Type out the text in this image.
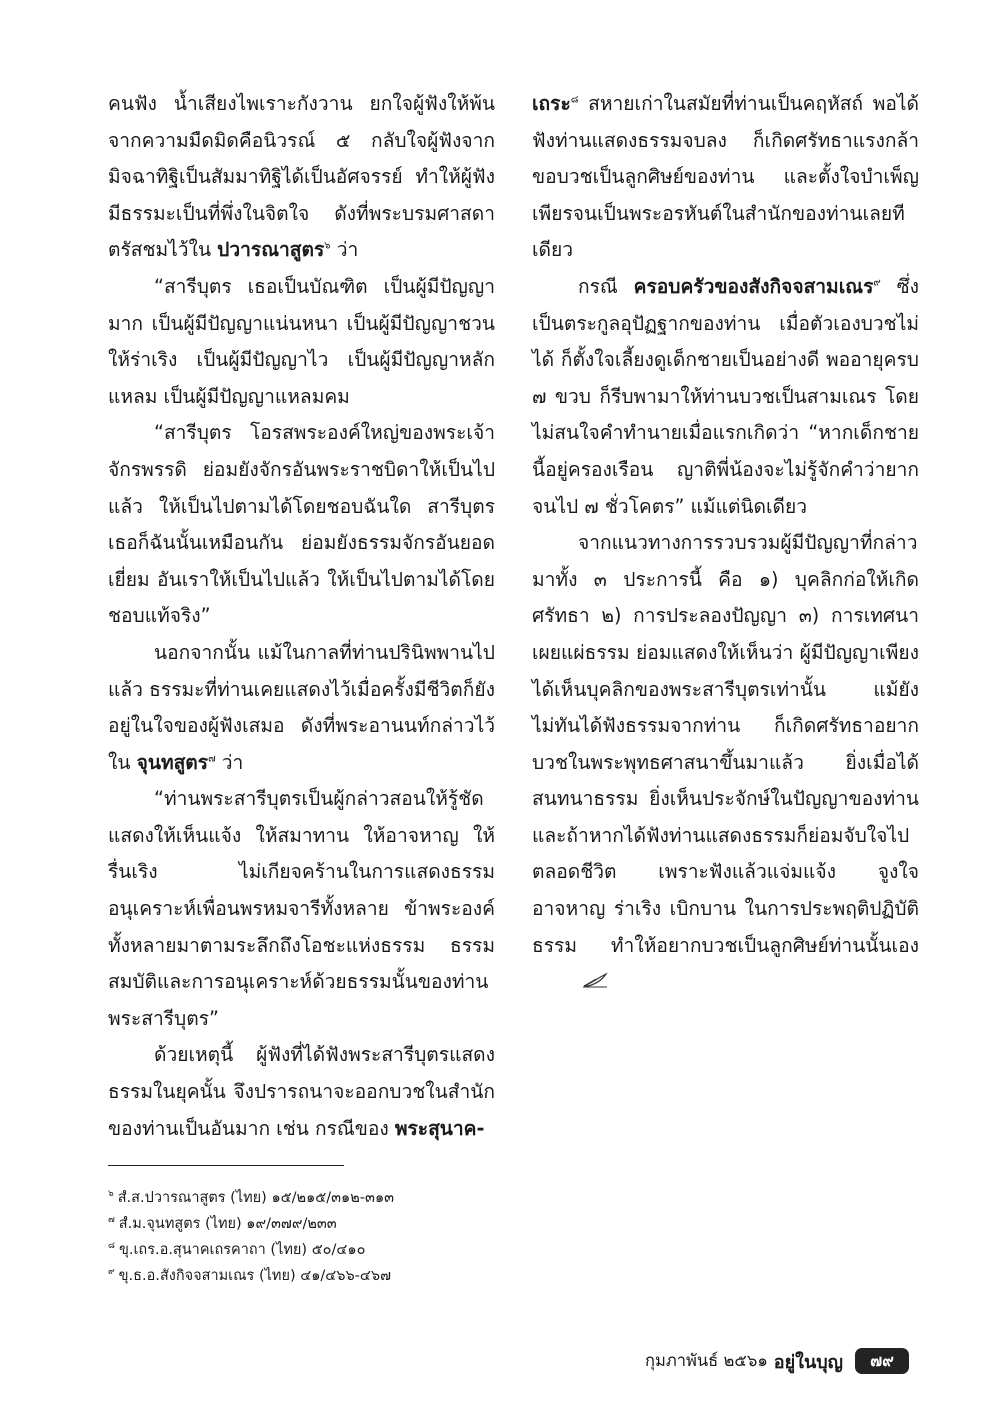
คนฟัง น้ำเสียงไพเราะกังวาน ยกใจผู้ฟังให้พ้นจากความมืดมิดคือนิวรณ์ ๕ กลับใจผู้ฟังจากมิจฉาทิฐิเป็นสัมมาทิฐิได้เป็นอัศจรรย์ ทำให้ผู้ฟังมีธรรมะเป็นที่พึ่งในจิตใจ ดังที่พระบรมศาสดาตรัสชมไว้ใน ปวารณาสูตร$^๖$ ว่า

“สารีบุตร เธอเป็นบัณฑิต เป็นผู้มีปัญญามาก เป็นผู้มีปัญญาแน่นหนา เป็นผู้มีปัญญาชวนให้ร่าเริง เป็นผู้มีปัญญาไว เป็นผู้มีปัญญาหลักแหลม เป็นผู้มีปัญญาแหลมคม

“สารีบุตร โอรสพระองค์ใหญ่ของพระเจ้าจักรพรรดิ ย่อมยังจักรอันพระราชบิดาให้เป็นไปแล้ว ให้เป็นไปตามได้โดยชอบฉันใด สารีบุตรเธอก็ฉันนั้นเหมือนกัน ย่อมยังธรรมจักรอันยอดเยี่ยม อันเราให้เป็นไปแล้ว ให้เป็นไปตามได้โดยชอบแท้จริง”

นอกจากนั้น แม้ในกาลที่ท่านปรินิพพานไปแล้ว ธรรมะที่ท่านเคยแสดงไว้เมื่อครั้งมีชีวิตก็ยังอยู่ในใจของผู้ฟังเสมอ ดังที่พระอานนท์กล่าวไว้ใน จุนทสูตร$^๗$ ว่า

“ท่านพระสารีบุตรเป็นผู้กล่าวสอนให้รู้ชัด แสดงให้เห็นแจ้ง ให้สมาทาน ให้อาจหาญ ให้รื่นเริง ไม่เกียจคร้านในการแสดงธรรม อนุเคราะห์เพื่อนพรหมจารีทั้งหลาย ข้าพระองค์ทั้งหลายมาตามระลึกถึงโอชะแห่งธรรม ธรรมสมบัติและการอนุเคราะห์ด้วยธรรมนั้นของท่านพระสารีบุตร”

ด้วยเหตุนี้ ผู้ฟังที่ได้ฟังพระสารีบุตรแสดงธรรมในยุคนั้น จึงปรารถนาจะออกบวชในสำนักของท่านเป็นอันมาก เช่น กรณีของ พระสุนาค-

เถระ$^๘$ สหายเก่าในสมัยที่ท่านเป็นคฤหัสถ์ พอได้ฟังท่านแสดงธรรมจบลง ก็เกิดศรัทธาแรงกล้า ขอบวชเป็นลูกศิษย์ของท่าน และตั้งใจบำเพ็ญเพียรจนเป็นพระอรหันต์ในสำนักของท่านเลยทีเดียว

กรณี ครอบครัวของสังกิจจสามเณร$^๙$ ซึ่งเป็นตระกูลอุปัฏฐากของท่าน เมื่อตัวเองบวชไม่ได้ ก็ตั้งใจเลี้ยงดูเด็กชายเป็นอย่างดี พออายุครบ ๗ ขวบ ก็รีบพามาให้ท่านบวชเป็นสามเณร โดยไม่สนใจคำทำนายเมื่อแรกเกิดว่า “หากเด็กชายนี้อยู่ครองเรือน ญาติพี่น้องจะไม่รู้จักคำว่ายากจนไป ๗ ชั่วโคตร” แม้แต่นิดเดียว

จากแนวทางการรวบรวมผู้มีปัญญาที่กล่าวมาทั้ง ๓ ประการนี้ คือ ๑) บุคลิกก่อให้เกิดศรัทธา ๒) การประลองปัญญา ๓) การเทศนาเผยแผ่ธรรม ย่อมแสดงให้เห็นว่า ผู้มีปัญญาเพียงได้เห็นบุคลิกของพระสารีบุตรเท่านั้น แม้ยังไม่ทันได้ฟังธรรมจากท่าน ก็เกิดศรัทธาอยากบวชในพระพุทธศาสนาขึ้นมาแล้ว ยิ่งเมื่อได้สนทนาธรรม ยิ่งเห็นประจักษ์ในปัญญาของท่าน และถ้าหากได้ฟังท่านแสดงธรรมก็ย่อมจับใจไปตลอดชีวิต เพราะฟังแล้วแจ่มแจ้ง จูงใจ อาจหาญ ร่าเริง เบิกบาน ในการประพฤติปฏิบัติธรรม ทำให้อยากบวชเป็นลูกศิษย์ท่านนั้นเอง

$^๖$ สํ.ส.ปวารณาสูตร (ไทย) ๑๕/๒๑๕/๓๑๒-๓๑๓
$^๗$ สํ.ม.จุนทสูตร (ไทย) ๑๙/๓๗๙/๒๓๓
$^๘$ ขุ.เถร.อ.สุนาคเถรคาถา (ไทย) ๕๐/๔๑๐
$^๙$ ขุ.ธ.อ.สังกิจจสามเณร (ไทย) ๔๑/๔๖๖-๔๖๗
กุมภาพันธ์ ๒๕๖๑ อยู่ในบุญ	๗๙
